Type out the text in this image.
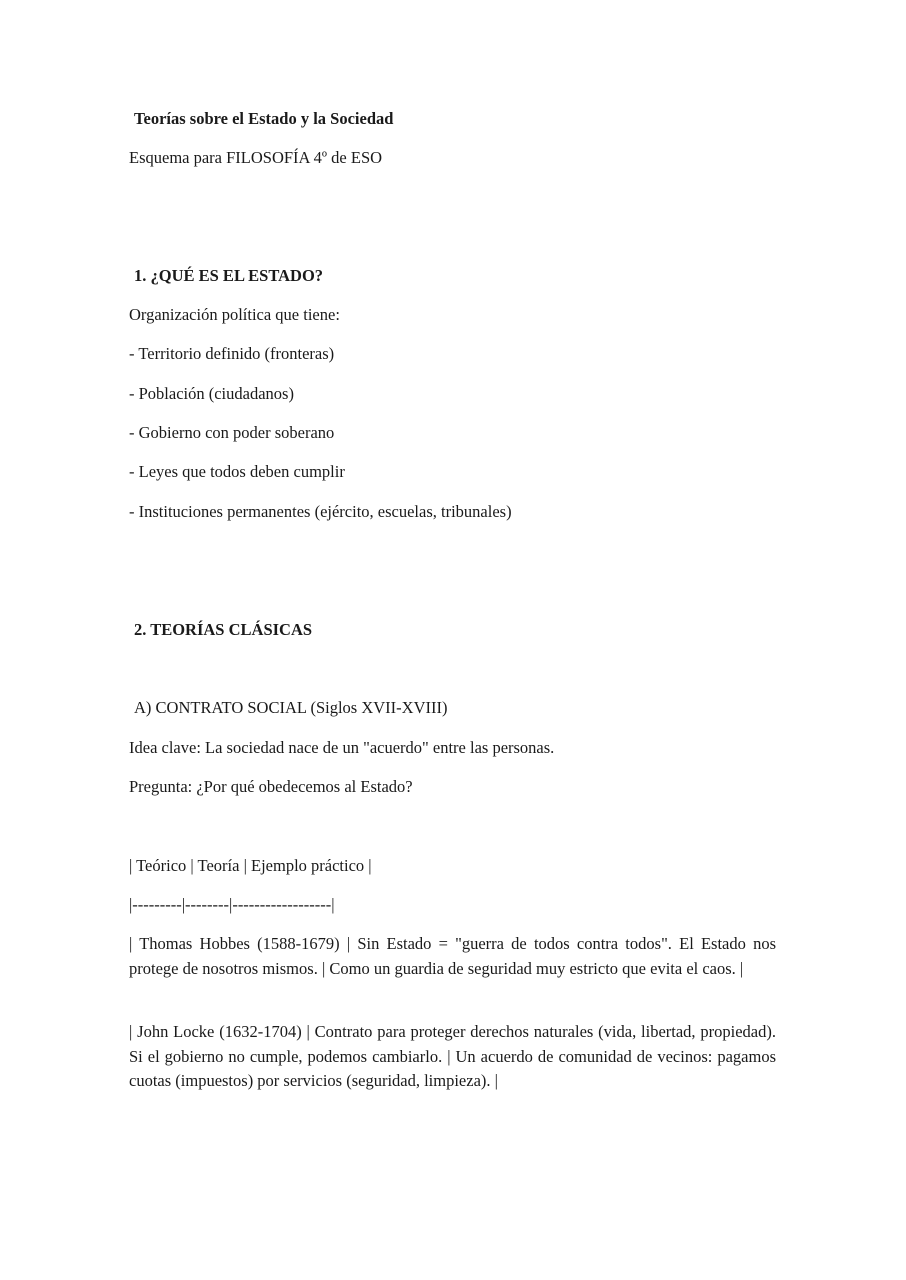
Teorías sobre el Estado y la Sociedad
Esquema para FILOSOFÍA 4º de ESO
1. ¿QUÉ ES EL ESTADO?
Organización política que tiene:
- Territorio definido (fronteras)
- Población (ciudadanos)
- Gobierno con poder soberano
- Leyes que todos deben cumplir
- Instituciones permanentes (ejército, escuelas, tribunales)
2. TEORÍAS CLÁSICAS
A) CONTRATO SOCIAL (Siglos XVII-XVIII)
Idea clave: La sociedad nace de un "acuerdo" entre las personas.
Pregunta: ¿Por qué obedecemos al Estado?
| Teórico | Teoría | Ejemplo práctico |
|---------|--------|------------------|
| Thomas Hobbes (1588-1679) | Sin Estado = "guerra de todos contra todos". El Estado nos protege de nosotros mismos. | Como un guardia de seguridad muy estricto que evita el caos. |
| John Locke (1632-1704) | Contrato para proteger derechos naturales (vida, libertad, propiedad). Si el gobierno no cumple, podemos cambiarlo. | Un acuerdo de comunidad de vecinos: pagamos cuotas (impuestos) por servicios (seguridad, limpieza). |
